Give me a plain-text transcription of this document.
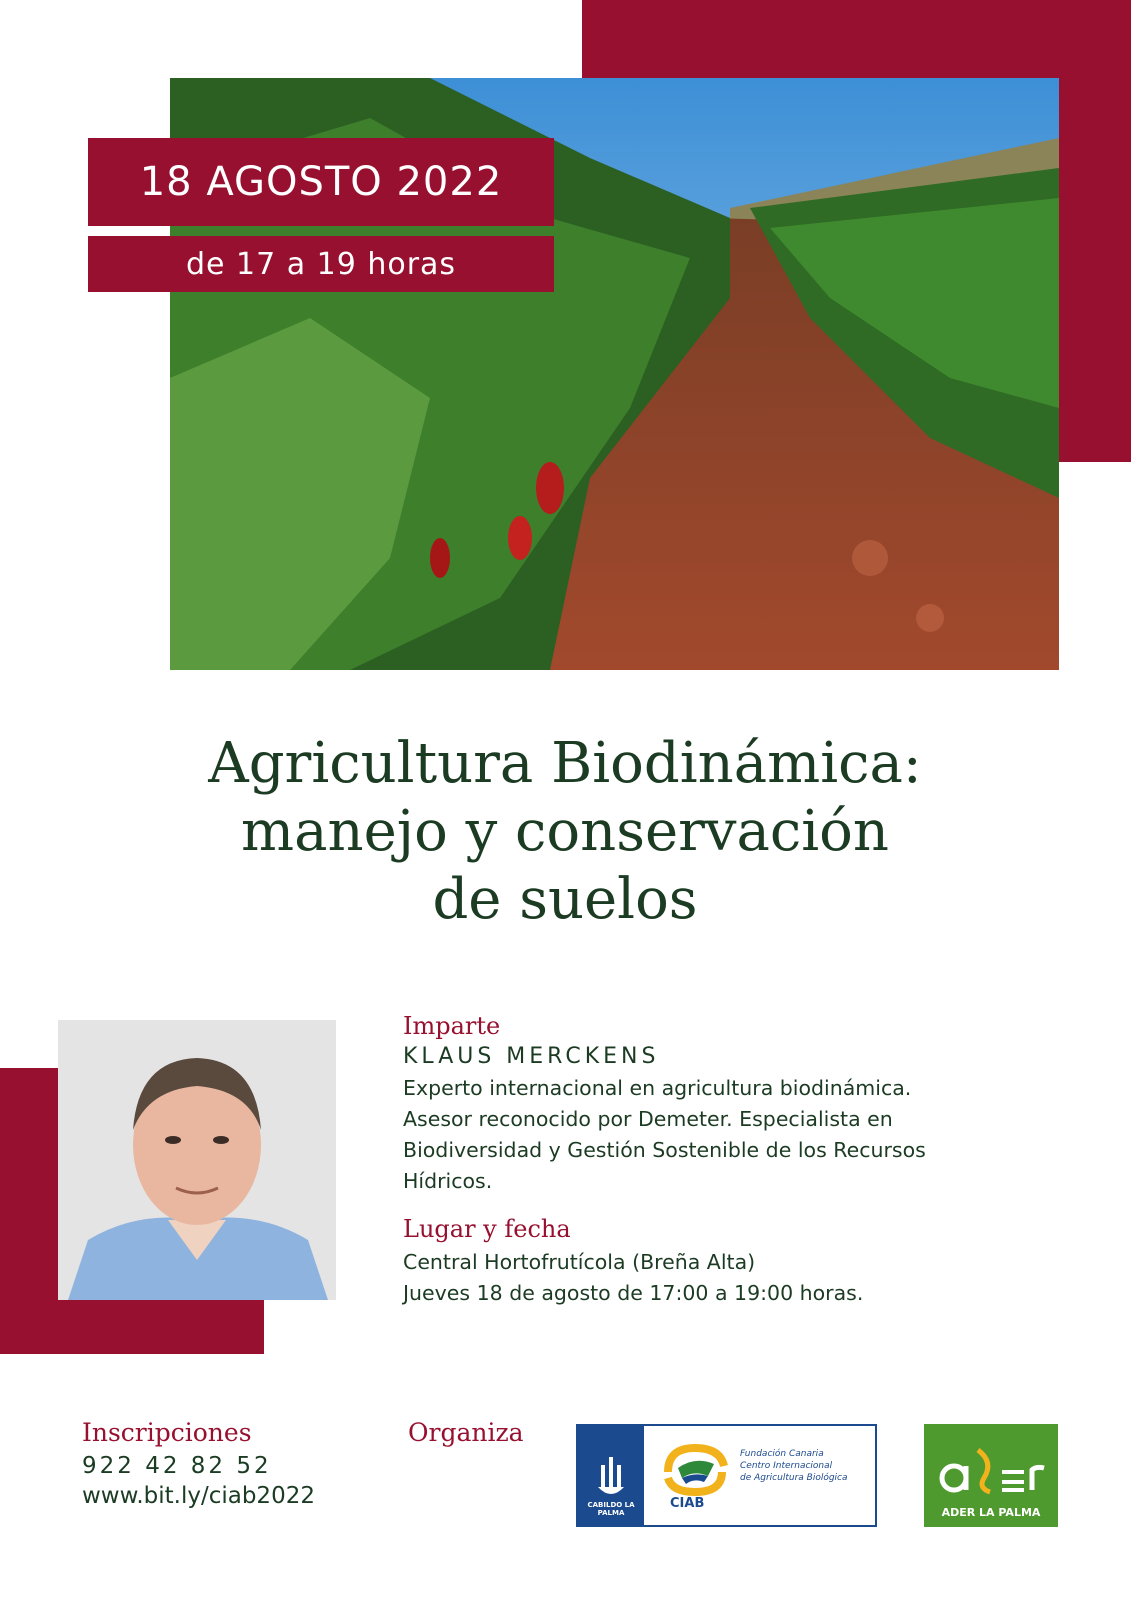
18 AGOSTO 2022
de 17 a 19 horas
Agricultura Biodinámica:
manejo y conservación
de suelos
Imparte
KLAUS MERCKENS
Experto internacional en agricultura biodinámica.
Asesor reconocido por Demeter. Especialista en
Biodiversidad y Gestión Sostenible de los Recursos
Hídricos.
Lugar y fecha
Central Hortofrutícola (Breña Alta)
Jueves 18 de agosto de 17:00 a 19:00 horas.
Inscripciones
922 42 82 52
www.bit.ly/ciab2022
Organiza
CABILDO LA PALMA
CIAB
Fundación Canaria
Centro Internacional
de Agricultura Biológica
ADER LA PALMA
